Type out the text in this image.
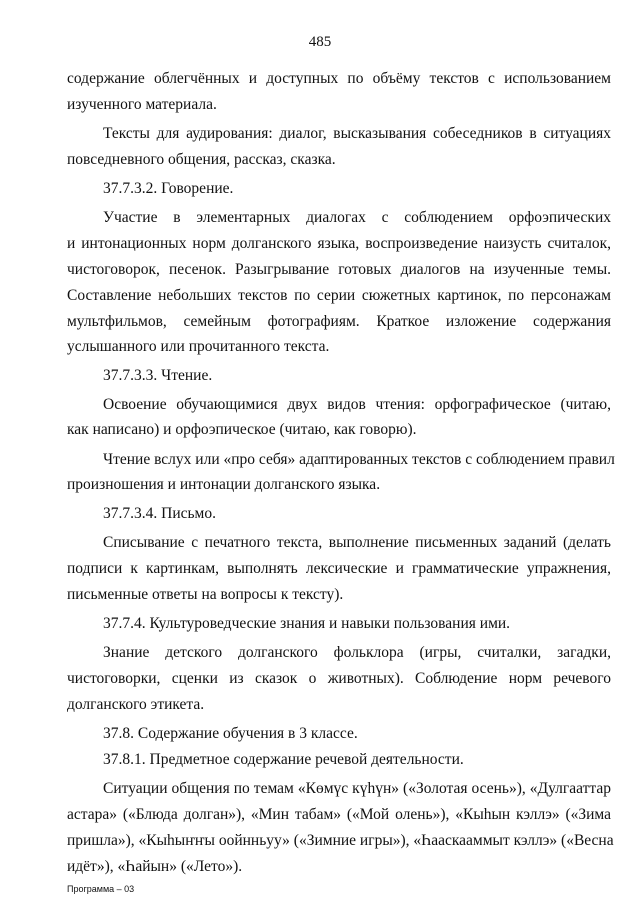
485
содержание облегчённых и доступных по объёму текстов с использованием
изученного материала.
Тексты для аудирования: диалог, высказывания собеседников в ситуациях
повседневного общения, рассказ, сказка.
37.7.3.2. Говорение.
Участие в элементарных диалогах с соблюдением орфоэпических
и интонационных норм долганского языка, воспроизведение наизусть считалок,
чистоговорок, песенок. Разыгрывание готовых диалогов на изученные темы.
Составление небольших текстов по серии сюжетных картинок, по персонажам
мультфильмов, семейным фотографиям. Краткое изложение содержания
услышанного или прочитанного текста.
37.7.3.3. Чтение.
Освоение обучающимися двух видов чтения: орфографическое (читаю,
как написано) и орфоэпическое (читаю, как говорю).
Чтение вслух или «про себя» адаптированных текстов с соблюдением правил
произношения и интонации долганского языка.
37.7.3.4. Письмо.
Списывание с печатного текста, выполнение письменных заданий (делать
подписи к картинкам, выполнять лексические и грамматические упражнения,
письменные ответы на вопросы к тексту).
37.7.4. Культуроведческие знания и навыки пользования ими.
Знание детского долганского фольклора (игры, считалки, загадки,
чистоговорки, сценки из сказок о животных). Соблюдение норм речевого
долганского этикета.
37.8. Содержание обучения в 3 классе.
37.8.1. Предметное содержание речевой деятельности.
Ситуации общения по темам «Көмүс күһүн» («Золотая осень»), «Дулгааттар
астара» («Блюда долган»), «Мин табам» («Мой олень»), «Кыһын кэллэ» («Зима
пришла»), «Кыһыҥҥы оойнньуу» («Зимние игры»), «Һааскааммыт кэллэ» («Весна
идёт»), «Һайын» («Лето»).
Программа – 03
